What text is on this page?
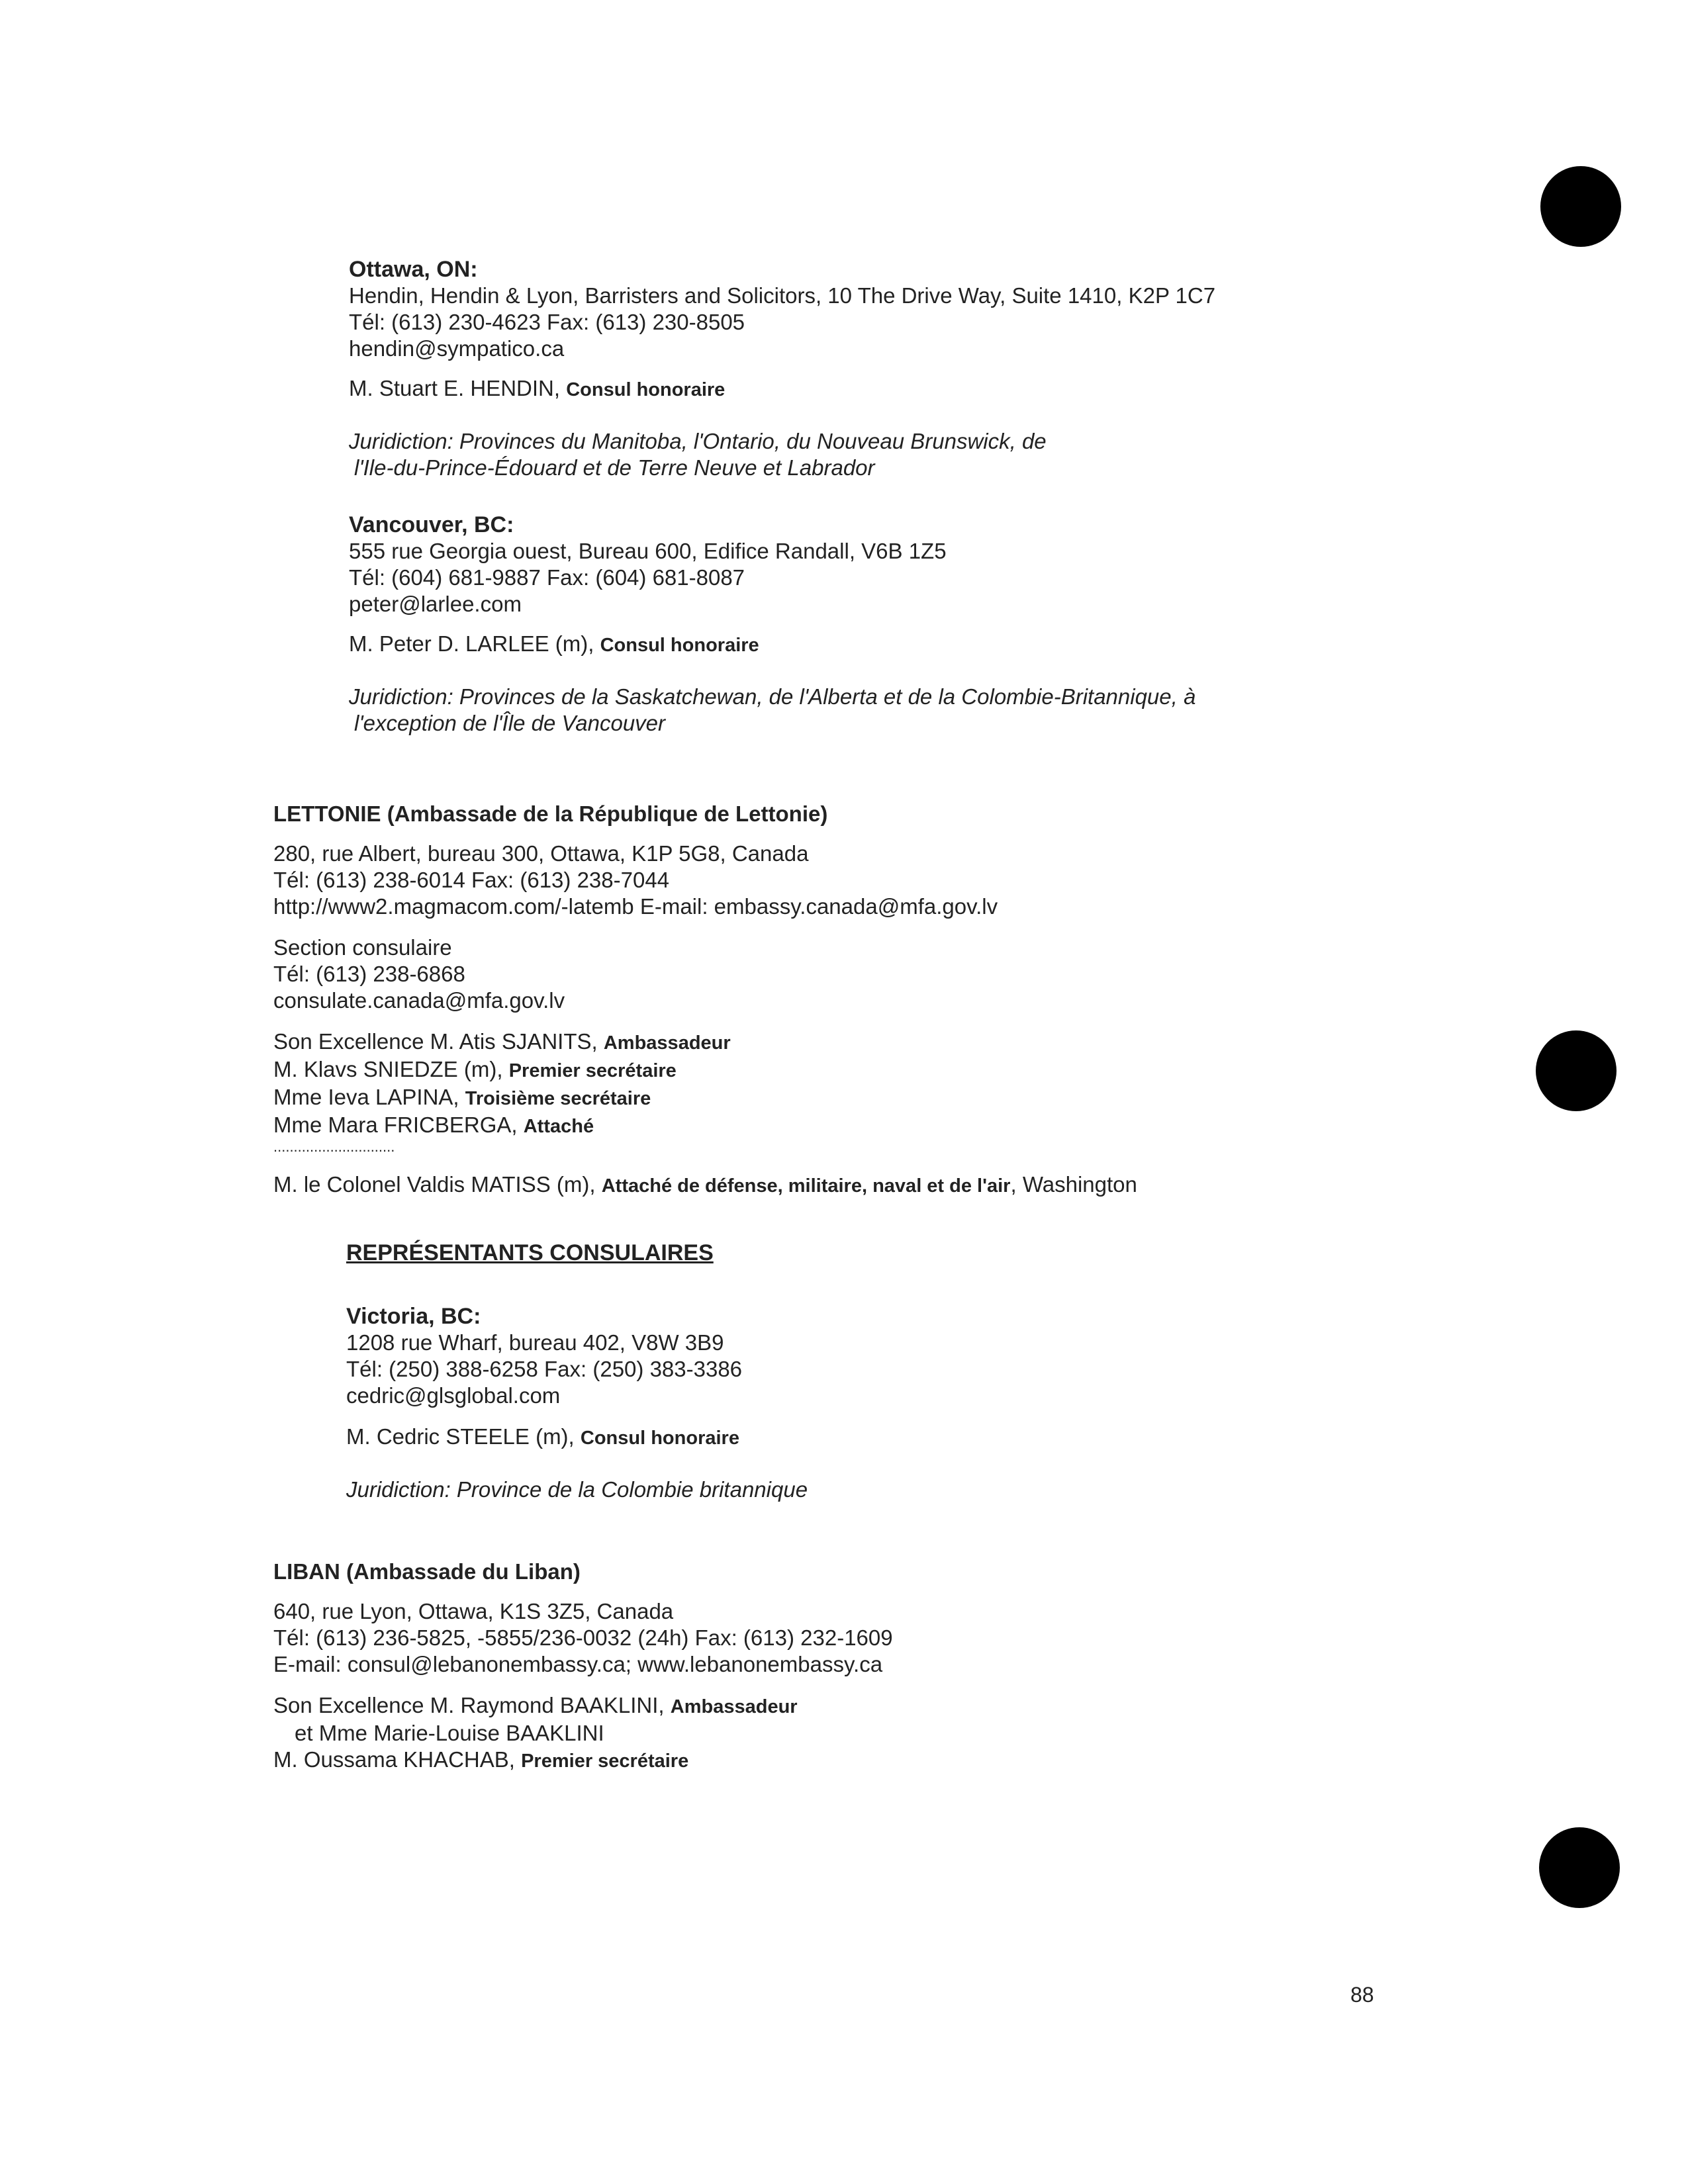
Ottawa, ON:
Hendin, Hendin & Lyon, Barristers and Solicitors, 10 The Drive Way, Suite 1410, K2P 1C7
Tél: (613) 230-4623 Fax: (613) 230-8505
hendin@sympatico.ca
M. Stuart E. HENDIN, Consul honoraire
Juridiction: Provinces du Manitoba, l'Ontario, du Nouveau Brunswick, de
l'Ile-du-Prince-Édouard et de Terre Neuve et Labrador
Vancouver, BC:
555 rue Georgia ouest, Bureau 600, Edifice Randall, V6B 1Z5
Tél: (604) 681-9887 Fax: (604) 681-8087
peter@larlee.com
M. Peter D. LARLEE (m), Consul honoraire
Juridiction: Provinces de la Saskatchewan, de l'Alberta et de la Colombie-Britannique, à
l'exception de l'Île de Vancouver
LETTONIE (Ambassade de la République de Lettonie)
280, rue Albert, bureau 300, Ottawa, K1P 5G8, Canada
Tél: (613) 238-6014 Fax: (613) 238-7044
http://www2.magmacom.com/-latemb E-mail: embassy.canada@mfa.gov.lv
Section consulaire
Tél: (613) 238-6868
consulate.canada@mfa.gov.lv
Son Excellence M. Atis SJANITS, Ambassadeur
M. Klavs SNIEDZE (m), Premier secrétaire
Mme Ieva LAPINA, Troisième secrétaire
Mme Mara FRICBERGA, Attaché
..............................
M. le Colonel Valdis MATISS (m), Attaché de défense, militaire, naval et de l'air, Washington
REPRÉSENTANTS CONSULAIRES
Victoria, BC:
1208 rue Wharf, bureau 402, V8W 3B9
Tél: (250) 388-6258 Fax: (250) 383-3386
cedric@glsglobal.com
M. Cedric STEELE (m), Consul honoraire
Juridiction: Province de la Colombie britannique
LIBAN (Ambassade du Liban)
640, rue Lyon, Ottawa, K1S 3Z5, Canada
Tél: (613) 236-5825, -5855/236-0032 (24h) Fax: (613) 232-1609
E-mail: consul@lebanonembassy.ca; www.lebanonembassy.ca
Son Excellence M. Raymond BAAKLINI, Ambassadeur
et Mme Marie-Louise BAAKLINI
M. Oussama KHACHAB, Premier secrétaire
88
